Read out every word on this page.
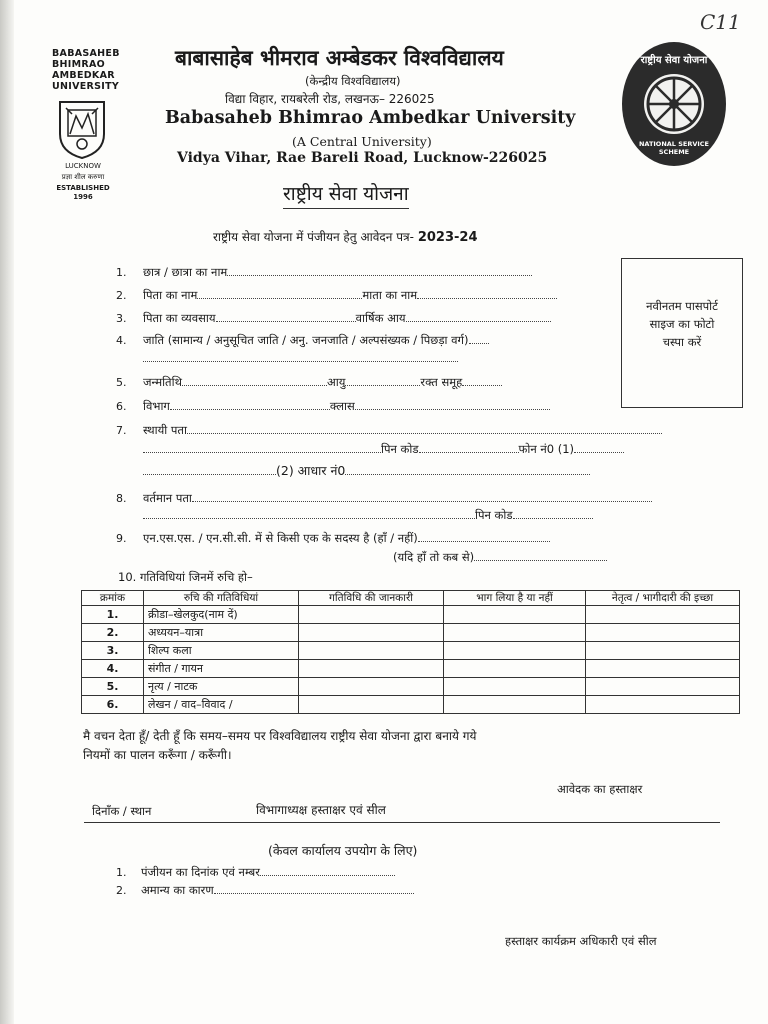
C11
BABASAHEB
BHIMRAO
AMBEDKAR
UNIVERSITY
LUCKNOW
प्रज्ञा शील करुणा
ESTABLISHED 1996
बाबासाहेब भीमराव अम्बेडकर विश्वविद्यालय
(केन्द्रीय विश्वविद्यालय)
विद्या विहार, रायबरेली रोड, लखनऊ– 226025
Babasaheb Bhimrao Ambedkar University
(A Central University)
Vidya Vihar, Rae Bareli Road, Lucknow-226025
राष्ट्रीय सेवा योजना
राष्ट्रीय सेवा योजना में पंजीयन हेतु आवेदन पत्र- 2023-24
राष्ट्रीय सेवा योजना
NATIONAL SERVICE SCHEME
नवीनतम पासपोर्ट
साइज का फोटो
चस्पा करें
1. छात्र / छात्रा का नाम
2. पिता का नाम	माता का नाम
3. पिता का व्यवसाय	वार्षिक आय
4. जाति (सामान्य / अनुसूचित जाति / अनु. जनजाति / अल्पसंख्यक / पिछड़ा वर्ग)
5. जन्मतिथि	आयु	रक्त समूह
6. विभाग	क्लास
7. स्थायी पता
पिन कोड	फोन नं0 (1)
(2) आधार नं0
8. वर्तमान पता
पिन कोड
9. एन.एस.एस. / एन.सी.सी. में से किसी एक के सदस्य है (हाँ / नहीं)
(यदि हाँ तो कब से)
10. गतिविधियां जिनमें रुचि हो–
क्रमांक	रुचि की गतिविधियां	गतिविधि की जानकारी	भाग लिया है या नहीं	नेतृत्व / भागीदारी की इच्छा
1.	क्रीडा–खेलकुद(नाम दें)			
2.	अध्ययन–यात्रा			
3.	शिल्प कला			
4.	संगीत / गायन			
5.	नृत्य / नाटक			
6.	लेखन / वाद–विवाद /			
मै वचन देता हूँ/ देती हूँ कि समय–समय पर विश्वविद्यालय राष्ट्रीय सेवा योजना द्वारा बनाये गये
नियमों का पालन करूँगा / करूँगी।
आवेदक का हस्ताक्षर
दिनाँक / स्थान	विभागाध्यक्ष हस्ताक्षर एवं सील
(केवल कार्यालय उपयोग के लिए)
1. पंजीयन का दिनांक एवं नम्बर
2. अमान्य का कारण
हस्ताक्षर कार्यक्रम अधिकारी एवं सील
